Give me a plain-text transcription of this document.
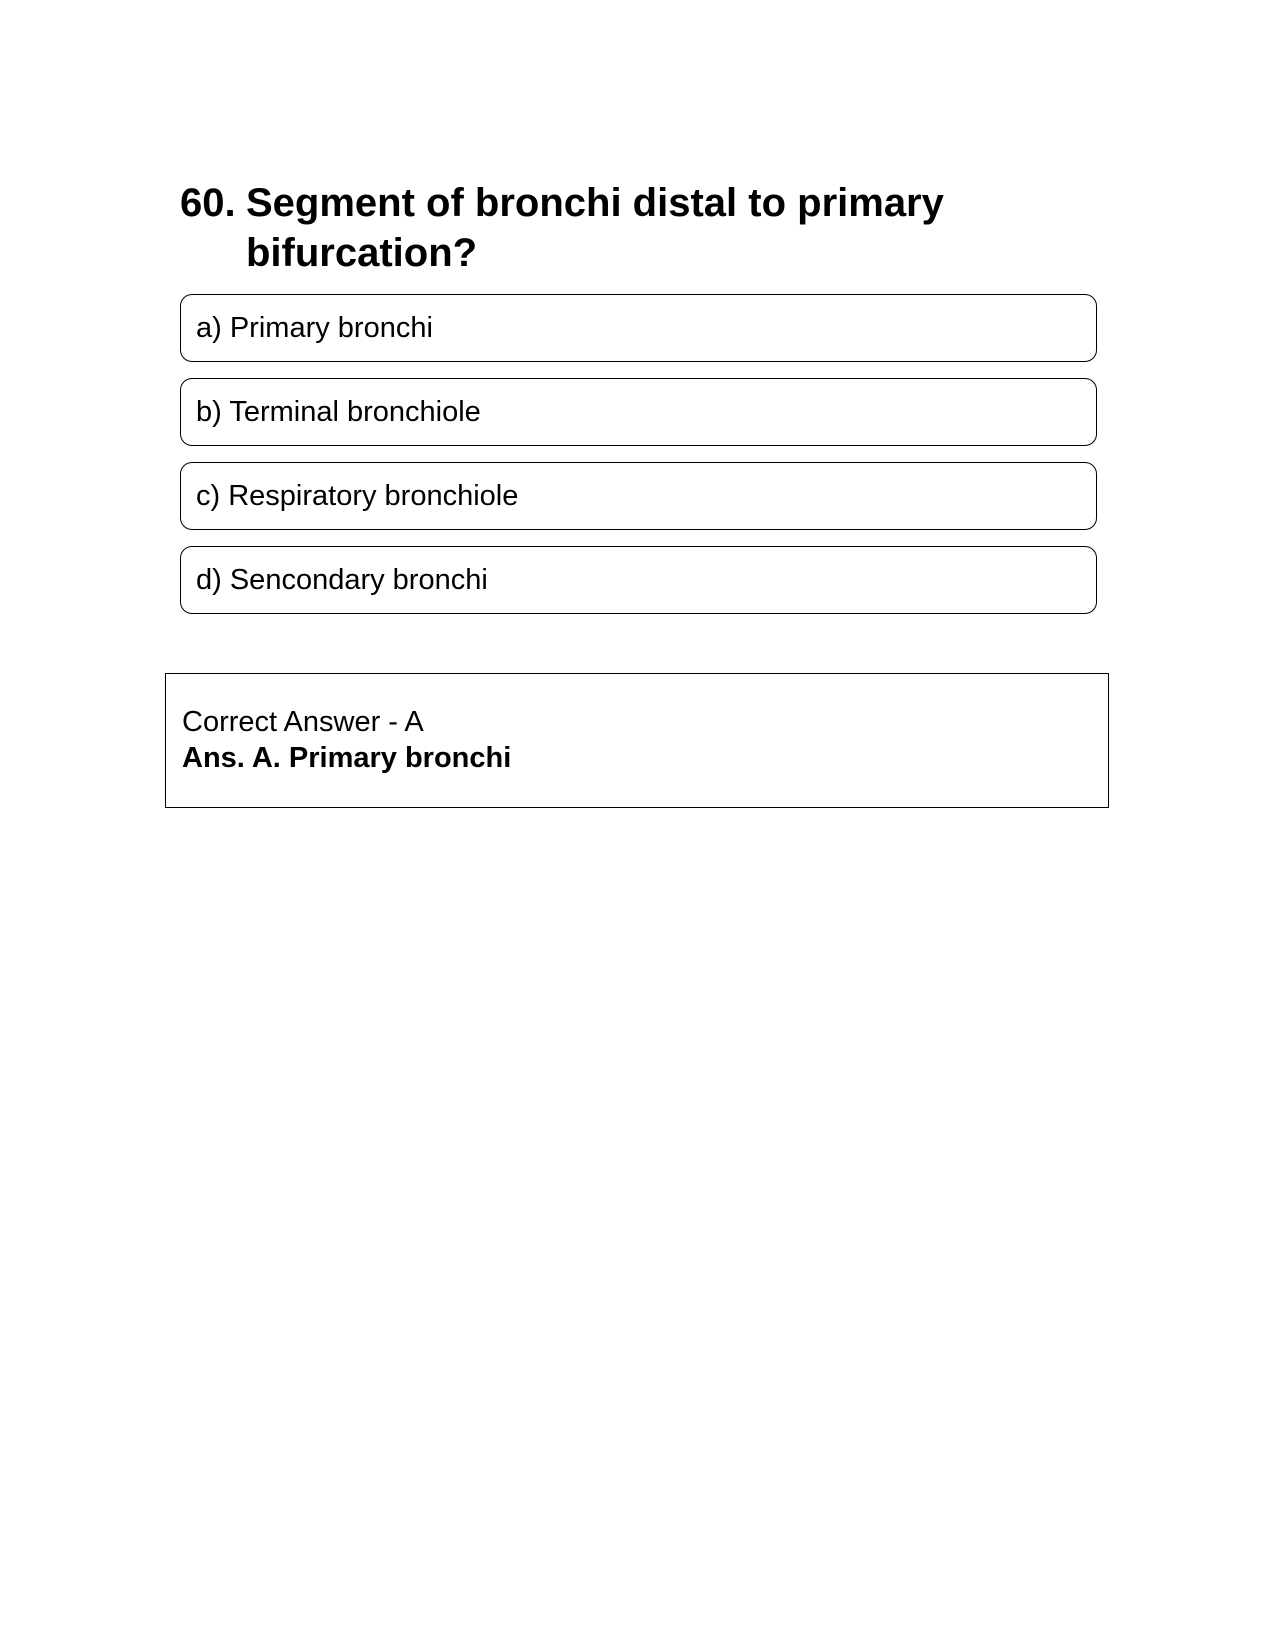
60. Segment of bronchi distal to primary bifurcation?
a) Primary bronchi
b) Terminal bronchiole
c) Respiratory bronchiole
d) Sencondary bronchi
Correct Answer - A
Ans. A. Primary bronchi
